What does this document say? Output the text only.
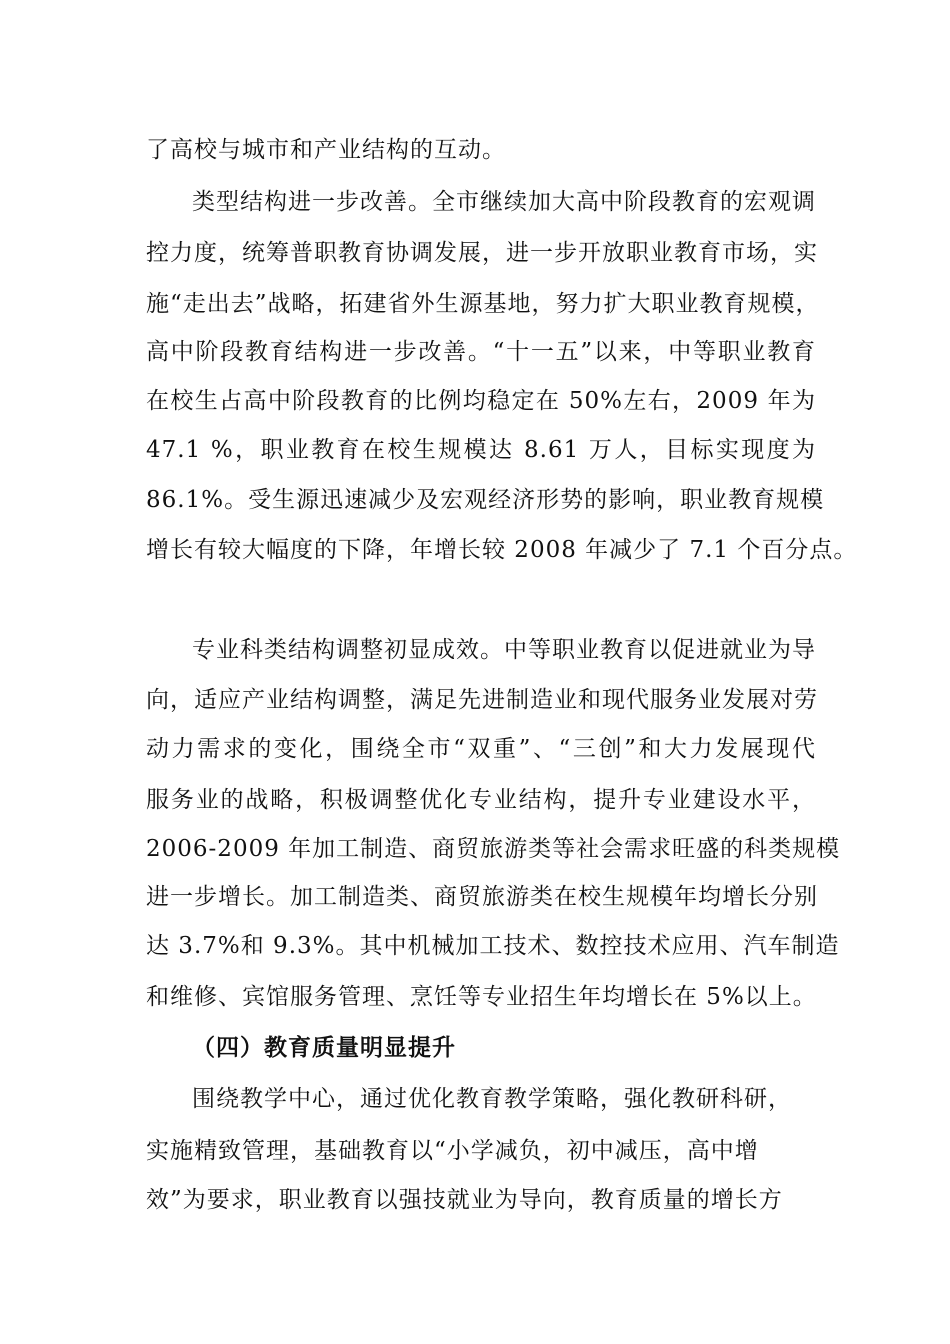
了高校与城市和产业结构的互动。
类型结构进一步改善。全市继续加大高中阶段教育的宏观调
控力度，统筹普职教育协调发展，进一步开放职业教育市场，实
施“走出去”战略，拓建省外生源基地，努力扩大职业教育规模，
高中阶段教育结构进一步改善。“十一五”以来，中等职业教育
在校生占高中阶段教育的比例均稳定在 50%左右，2009 年为
47.1 %，职业教育在校生规模达 8.61 万人，目标实现度为
86.1%。受生源迅速减少及宏观经济形势的影响，职业教育规模
增长有较大幅度的下降，年增长较 2008 年减少了 7.1 个百分点。
专业科类结构调整初显成效。中等职业教育以促进就业为导
向，适应产业结构调整，满足先进制造业和现代服务业发展对劳
动力需求的变化，围绕全市“双重”、“三创”和大力发展现代
服务业的战略，积极调整优化专业结构，提升专业建设水平，
2006-2009 年加工制造、商贸旅游类等社会需求旺盛的科类规模
进一步增长。加工制造类、商贸旅游类在校生规模年均增长分别
达 3.7%和 9.3%。其中机械加工技术、数控技术应用、汽车制造
和维修、宾馆服务管理、烹饪等专业招生年均增长在 5%以上。
（四）教育质量明显提升
围绕教学中心，通过优化教育教学策略，强化教研科研，
实施精致管理，基础教育以“小学减负，初中减压，高中增
效”为要求，职业教育以强技就业为导向，教育质量的增长方
